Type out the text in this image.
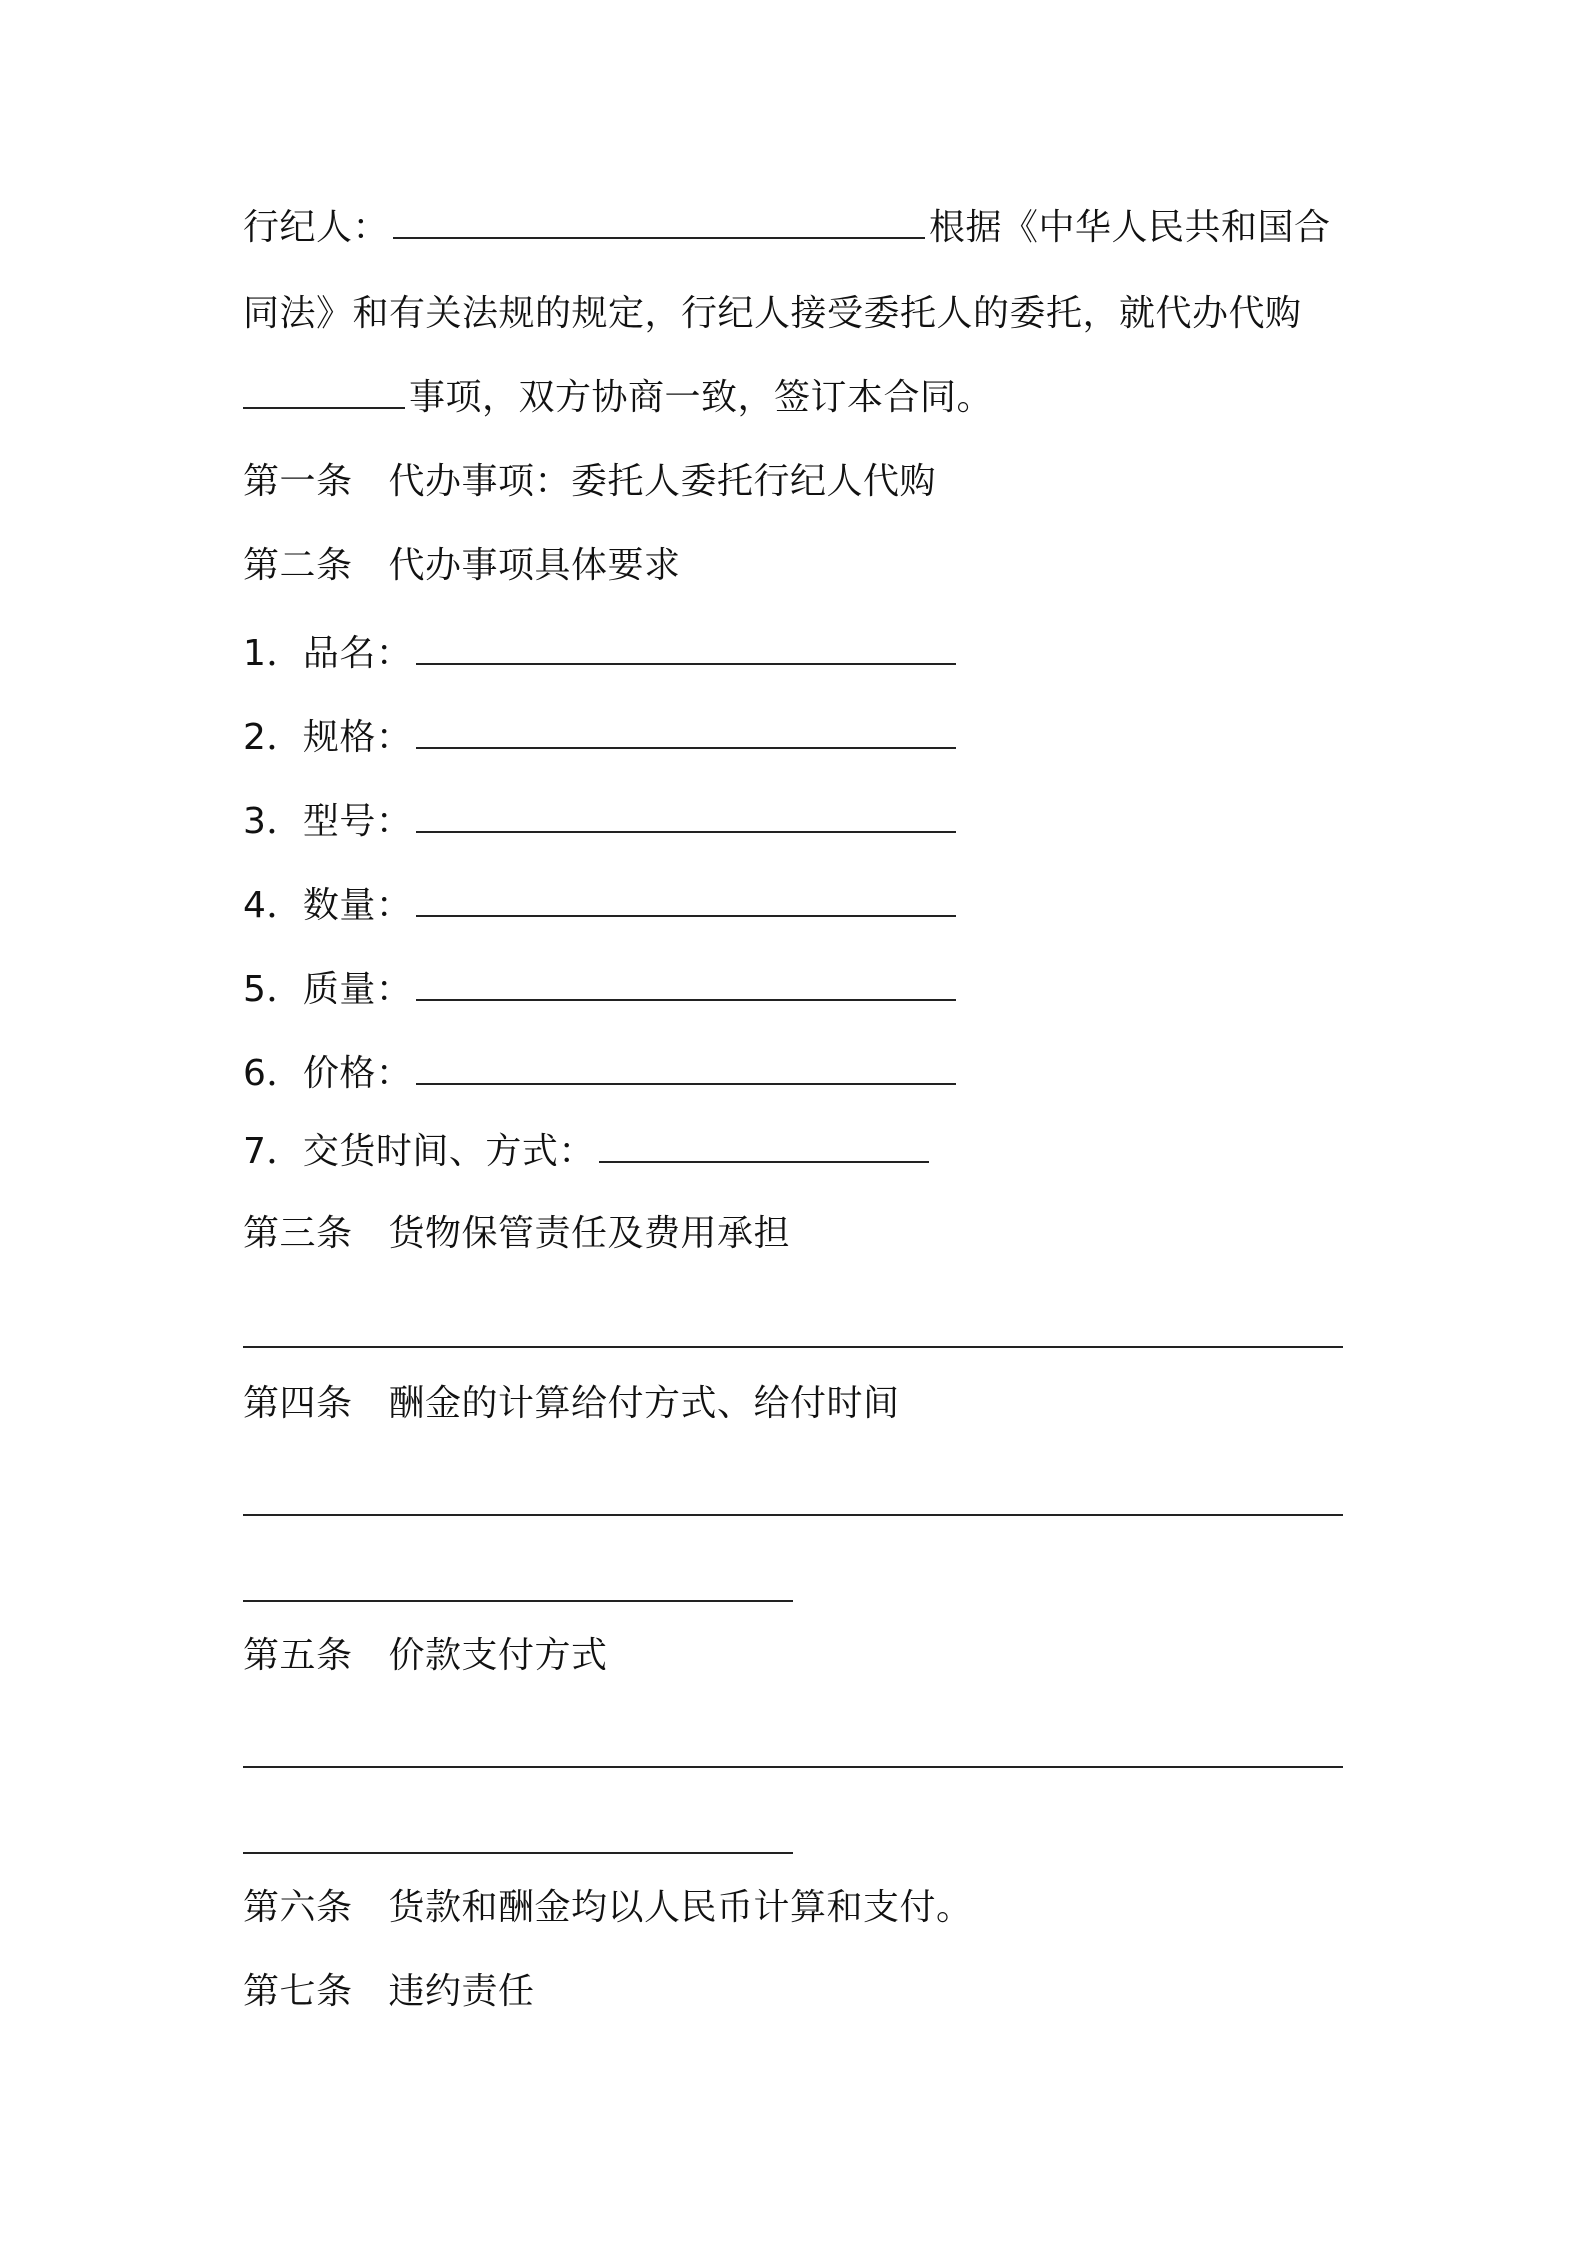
行纪人：	根据《中华人民共和国合
同法》和有关法规的规定，行纪人接受委托人的委托，就代办代购
事项，双方协商一致，签订本合同。
第一条 代办事项：委托人委托行纪人代购
第二条 代办事项具体要求
1．品名：
2．规格：
3．型号：
4．数量：
5．质量：
6．价格：
7．交货时间、方式：
第三条 货物保管责任及费用承担
第四条 酬金的计算给付方式、给付时间
第五条 价款支付方式
第六条 货款和酬金均以人民币计算和支付。
第七条 违约责任
